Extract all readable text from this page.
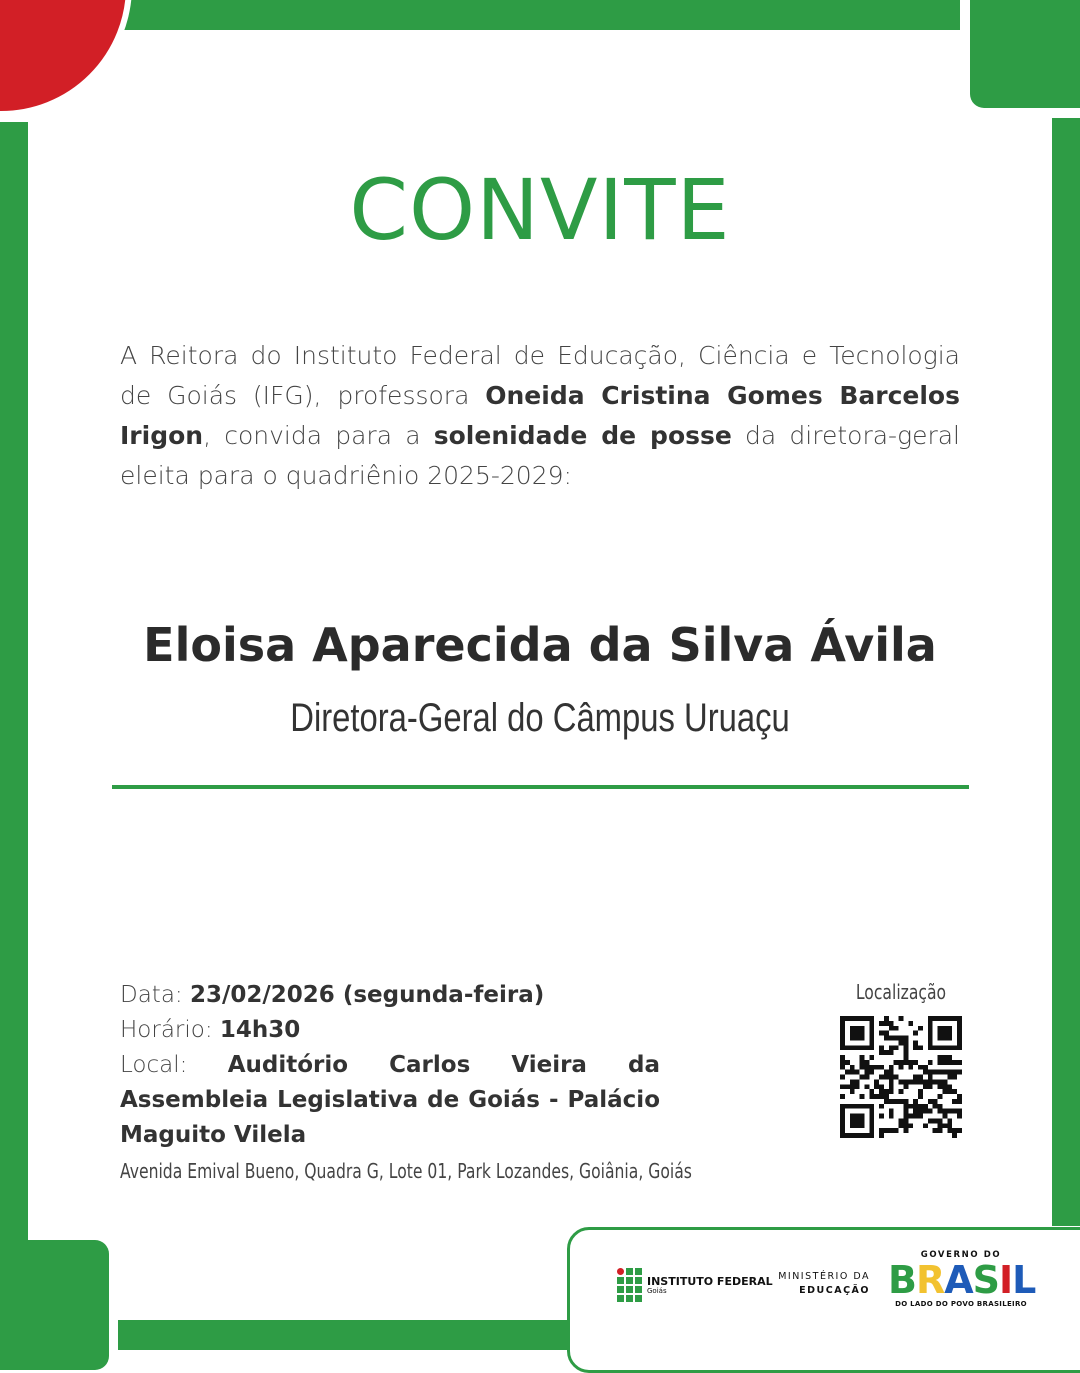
CONVITE
A Reitora do Instituto Federal de Educação, Ciência e Tecnologia de Goiás (IFG), professora Oneida Cristina Gomes Barcelos Irigon, convida para a solenidade de posse da diretora-geral eleita para o quadriênio 2025-2029:
Eloisa Aparecida da Silva Ávila
Diretora-Geral do Câmpus Uruaçu
Data: 23/02/2026 (segunda-feira)
Horário: 14h30
Local: Auditório Carlos Vieira da Assembleia Legislativa de Goiás - Palácio Maguito Vilela
Avenida Emival Bueno, Quadra G, Lote 01, Park Lozandes, Goiânia, Goiás
Localização
INSTITUTO FEDERAL
Goiás
MINISTÉRIO DA
EDUCAÇÃO
GOVERNO DO
BRASIL
DO LADO DO POVO BRASILEIRO
